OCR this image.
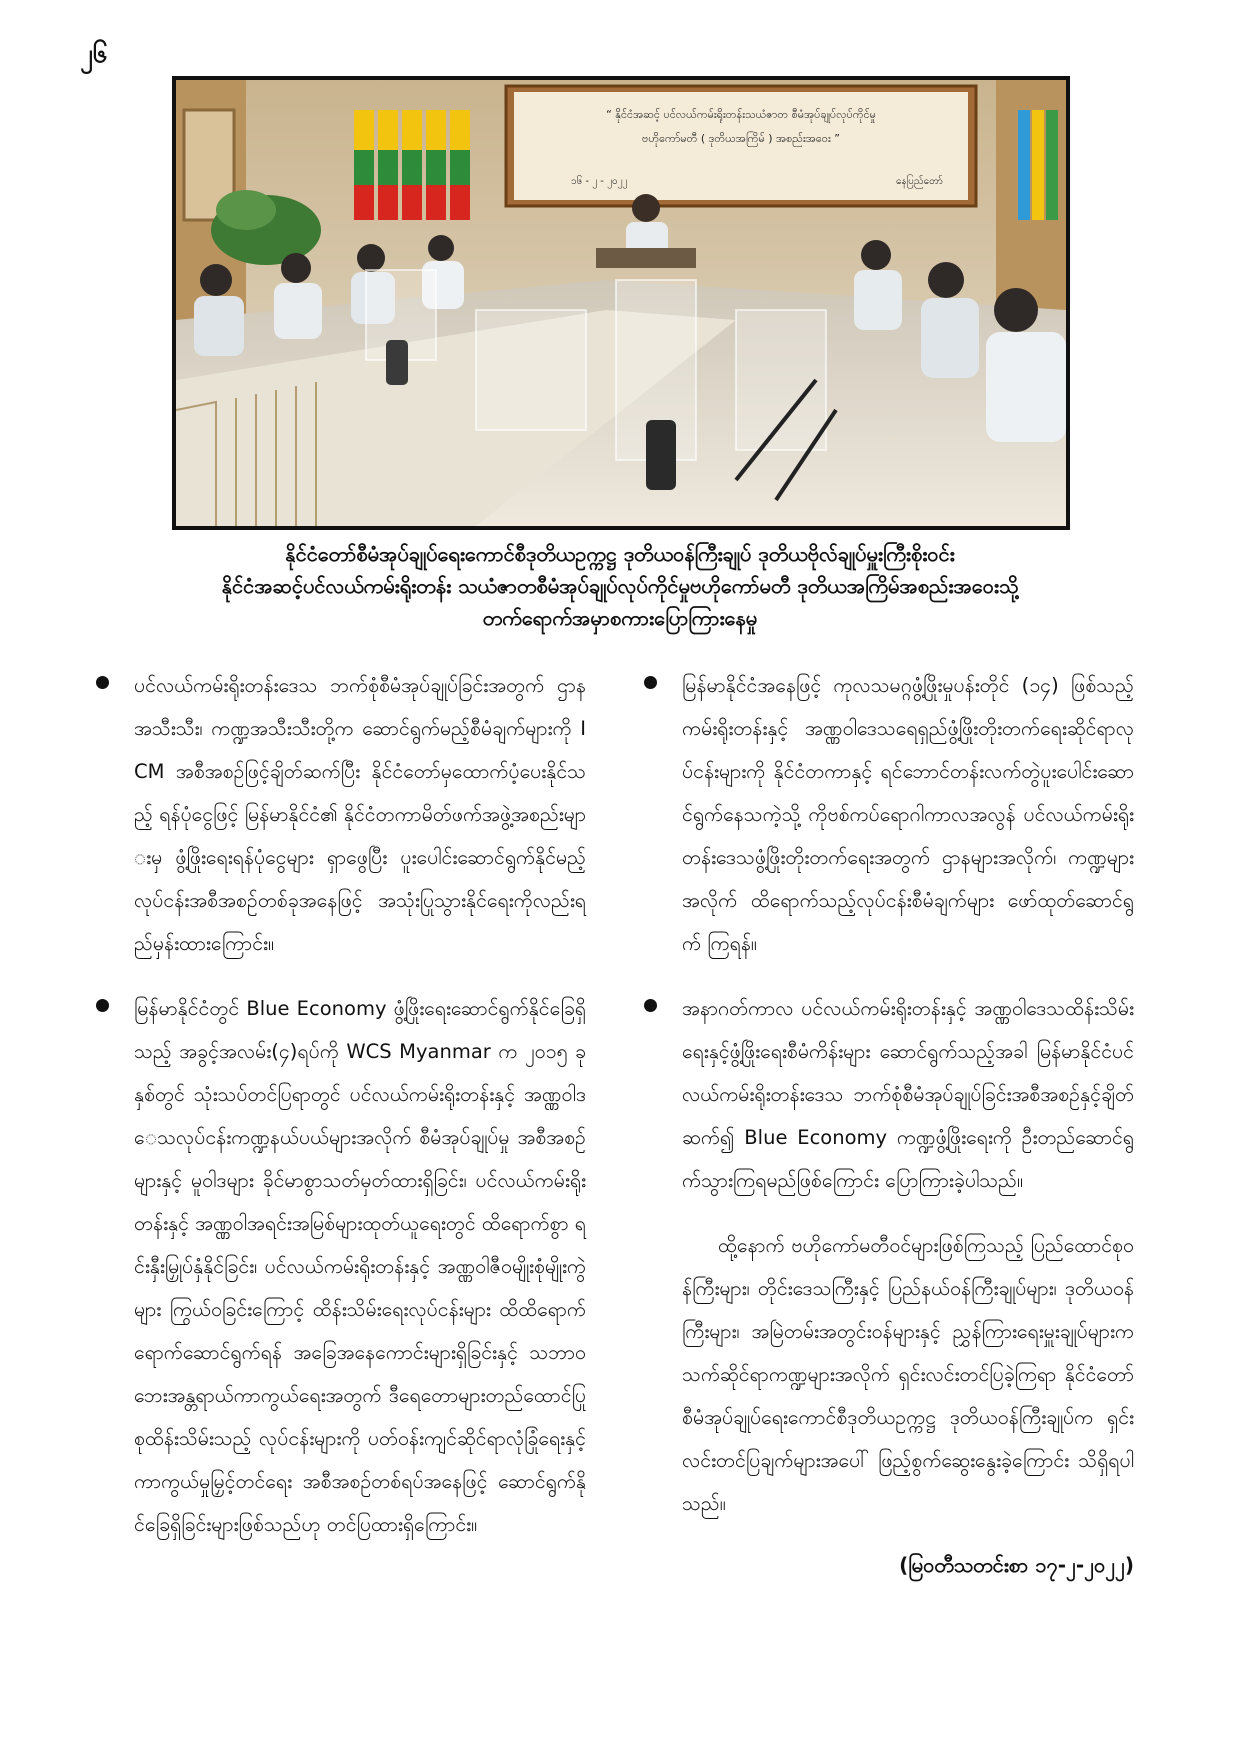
၂၆
“ နိုင်ငံအဆင့် ပင်လယ်ကမ်းရိုးတန်းသယံဇာတ စီမံအုပ်ချုပ်လုပ်ကိုင်မှု
ဗဟိုကော်မတီ ( ဒုတိယအကြိမ် ) အစည်းအဝေး ”
၁၆ - ၂ - ၂၀၂၂	နေပြည်တော်
နိုင်ငံတော်စီမံအုပ်ချုပ်ရေးကောင်စီဒုတိယဥက္ကဋ္ဌ ဒုတိယဝန်ကြီးချုပ် ဒုတိယဗိုလ်ချုပ်မှူးကြီးစိုးဝင်း
နိုင်ငံအဆင့်ပင်လယ်ကမ်းရိုးတန်း သယံဇာတစီမံအုပ်ချုပ်လုပ်ကိုင်မှုဗဟိုကော်မတီ ဒုတိယအကြိမ်အစည်းအဝေးသို့
တက်ရောက်အမှာစကားပြောကြားနေမှု
ပင်လယ်ကမ်းရိုးတန်းဒေသ ဘက်စုံစီမံအုပ်ချုပ်ခြင်းအတွက် ဌာနအသီးသီး၊ ကဏ္ဍအသီးသီးတို့က ဆောင်ရွက်မည့်စီမံချက်များကို ICM အစီအစဉ်ဖြင့်ချိတ်ဆက်ပြီး နိုင်ငံတော်မှထောက်ပံ့ပေးနိုင်သည့် ရန်ပုံငွေဖြင့် မြန်မာနိုင်ငံ၏ နိုင်ငံတကာမိတ်ဖက်အဖွဲ့အစည်းများမှ ဖွံ့ဖြိုးရေးရန်ပုံငွေများ ရှာဖွေပြီး ပူးပေါင်းဆောင်ရွက်နိုင်မည့် လုပ်ငန်းအစီအစဉ်တစ်ခုအနေဖြင့် အသုံးပြုသွားနိုင်ရေးကိုလည်းရည်မှန်းထားကြောင်း။
မြန်မာနိုင်ငံတွင် Blue Economy ဖွံ့ဖြိုးရေးဆောင်ရွက်နိုင်ခြေရှိသည့် အခွင့်အလမ်း(၄)ရပ်ကို WCS Myanmar က ၂၀၁၅ ခုနှစ်တွင် သုံးသပ်တင်ပြရာတွင် ပင်လယ်ကမ်းရိုးတန်းနှင့် အဏ္ဏဝါဒေသလုပ်ငန်းကဏ္ဍနယ်ပယ်များအလိုက် စီမံအုပ်ချုပ်မှု အစီအစဉ်များနှင့် မူဝါဒများ ခိုင်မာစွာသတ်မှတ်ထားရှိခြင်း၊ ပင်လယ်ကမ်းရိုးတန်းနှင့် အဏ္ဏဝါအရင်းအမြစ်များထုတ်ယူရေးတွင် ထိရောက်စွာ ရင်းနှီးမြှုပ်နှံနိုင်ခြင်း၊ ပင်လယ်ကမ်းရိုးတန်းနှင့် အဏ္ဏဝါဇီဝမျိုးစုံမျိုးကွဲများ ကြွယ်ဝခြင်းကြောင့် ထိန်းသိမ်းရေးလုပ်ငန်းများ ထိထိရောက်ရောက်ဆောင်ရွက်ရန် အခြေအနေကောင်းများရှိခြင်းနှင့် သဘာဝဘေးအန္တရာယ်ကာကွယ်ရေးအတွက် ဒီရေတောများတည်ထောင်ပြုစုထိန်းသိမ်းသည့် လုပ်ငန်းများကို ပတ်ဝန်းကျင်ဆိုင်ရာလုံခြုံရေးနှင့် ကာကွယ်မှုမြှင့်တင်ရေး အစီအစဉ်တစ်ရပ်အနေဖြင့် ဆောင်ရွက်နိုင်ခြေရှိခြင်းများဖြစ်သည်ဟု တင်ပြထားရှိကြောင်း။
မြန်မာနိုင်ငံအနေဖြင့် ကုလသမဂ္ဂဖွံ့ဖြိုးမှုပန်းတိုင် (၁၄) ဖြစ်သည့် ကမ်းရိုးတန်းနှင့် အဏ္ဏဝါဒေသရေရှည်ဖွံ့ဖြိုးတိုးတက်ရေးဆိုင်ရာလုပ်ငန်းများကို နိုင်ငံတကာနှင့် ရင်ဘောင်တန်းလက်တွဲပူးပေါင်းဆောင်ရွက်နေသကဲ့သို့ ကိုဗစ်ကပ်ရောဂါကာလအလွန် ပင်လယ်ကမ်းရိုးတန်းဒေသဖွံ့ဖြိုးတိုးတက်ရေးအတွက် ဌာနများအလိုက်၊ ကဏ္ဍများအလိုက် ထိရောက်သည့်လုပ်ငန်းစီမံချက်များ ဖော်ထုတ်ဆောင်ရွက် ကြရန်။
အနာဂတ်ကာလ ပင်လယ်ကမ်းရိုးတန်းနှင့် အဏ္ဏဝါဒေသထိန်းသိမ်းရေးနှင့်ဖွံ့ဖြိုးရေးစီမံကိန်းများ ဆောင်ရွက်သည့်အခါ မြန်မာနိုင်ငံပင်လယ်ကမ်းရိုးတန်းဒေသ ဘက်စုံစီမံအုပ်ချုပ်ခြင်းအစီအစဉ်နှင့်ချိတ်ဆက်၍ Blue Economy ကဏ္ဍဖွံ့ဖြိုးရေးကို ဦးတည်ဆောင်ရွက်သွားကြရမည်ဖြစ်ကြောင်း ပြောကြားခဲ့ပါသည်။

ထို့နောက် ဗဟိုကော်မတီဝင်များဖြစ်ကြသည့် ပြည်ထောင်စုဝန်ကြီးများ၊ တိုင်းဒေသကြီးနှင့် ပြည်နယ်ဝန်ကြီးချုပ်များ၊ ဒုတိယဝန်ကြီးများ၊ အမြဲတမ်းအတွင်းဝန်များနှင့် ညွှန်ကြားရေးမှူးချုပ်များက သက်ဆိုင်ရာကဏ္ဍများအလိုက် ရှင်းလင်းတင်ပြခဲ့ကြရာ နိုင်ငံတော်စီမံအုပ်ချုပ်ရေးကောင်စီဒုတိယဥက္ကဋ္ဌ ဒုတိယဝန်ကြီးချုပ်က ရှင်းလင်းတင်ပြချက်များအပေါ် ဖြည့်စွက်ဆွေးနွေးခဲ့ကြောင်း သိရှိရပါသည်။

(မြဝတီသတင်းစာ ၁၇-၂-၂၀၂၂)
